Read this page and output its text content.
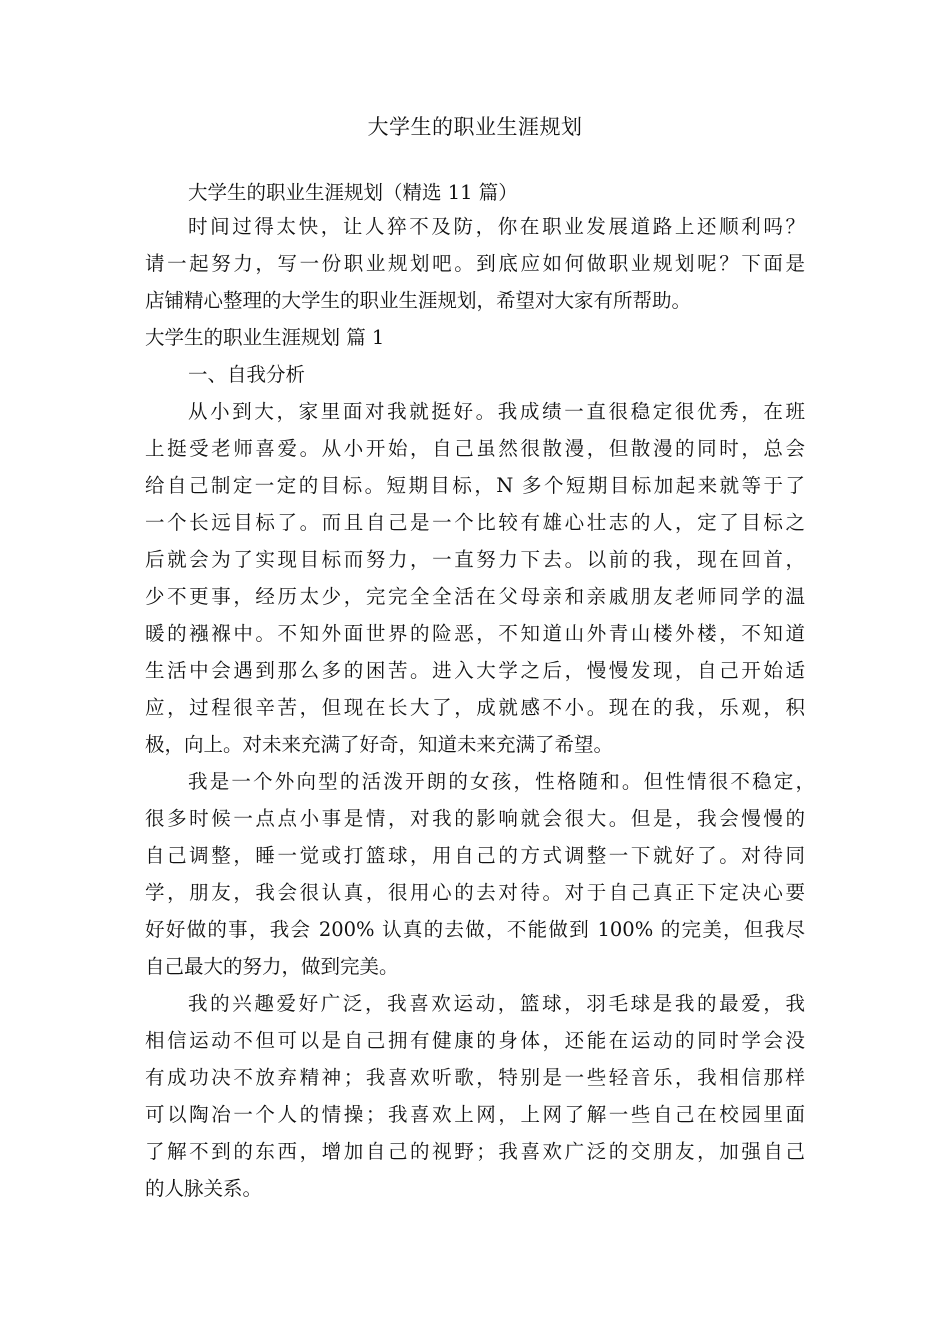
大学生的职业生涯规划
大学生的职业生涯规划（精选 11 篇）
时间过得太快，让人猝不及防，你在职业发展道路上还顺利吗？
请一起努力，写一份职业规划吧。到底应如何做职业规划呢？下面是
店铺精心整理的大学生的职业生涯规划，希望对大家有所帮助。
大学生的职业生涯规划 篇 1
一、自我分析
从小到大，家里面对我就挺好。我成绩一直很稳定很优秀，在班
上挺受老师喜爱。从小开始，自己虽然很散漫，但散漫的同时，总会
给自己制定一定的目标。短期目标，N 多个短期目标加起来就等于了
一个长远目标了。而且自己是一个比较有雄心壮志的人，定了目标之
后就会为了实现目标而努力，一直努力下去。以前的我，现在回首，
少不更事，经历太少，完完全全活在父母亲和亲戚朋友老师同学的温
暖的襁褓中。不知外面世界的险恶，不知道山外青山楼外楼，不知道
生活中会遇到那么多的困苦。进入大学之后，慢慢发现，自己开始适
应，过程很辛苦，但现在长大了，成就感不小。现在的我，乐观，积
极，向上。对未来充满了好奇，知道未来充满了希望。
我是一个外向型的活泼开朗的女孩，性格随和。但性情很不稳定，
很多时候一点点小事是情，对我的影响就会很大。但是，我会慢慢的
自己调整，睡一觉或打篮球，用自己的方式调整一下就好了。对待同
学，朋友，我会很认真，很用心的去对待。对于自己真正下定决心要
好好做的事，我会 200% 认真的去做，不能做到 100% 的完美，但我尽
自己最大的努力，做到完美。
我的兴趣爱好广泛，我喜欢运动，篮球，羽毛球是我的最爱，我
相信运动不但可以是自己拥有健康的身体，还能在运动的同时学会没
有成功决不放弃精神；我喜欢听歌，特别是一些轻音乐，我相信那样
可以陶冶一个人的情操；我喜欢上网，上网了解一些自己在校园里面
了解不到的东西，增加自己的视野；我喜欢广泛的交朋友，加强自己
的人脉关系。
